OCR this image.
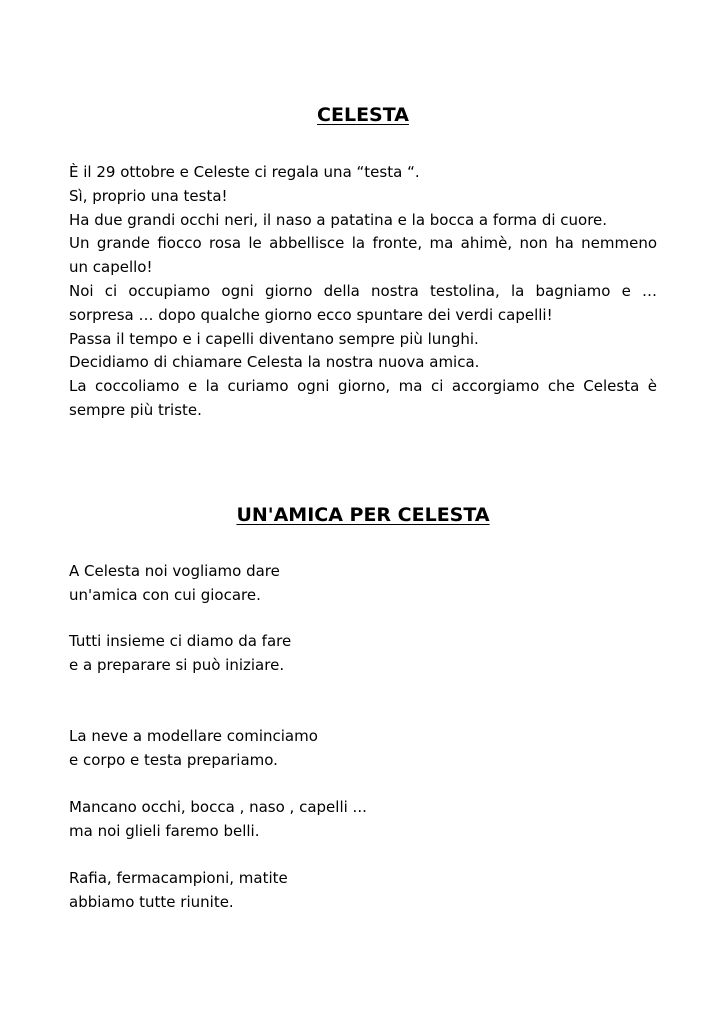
CELESTA
È il 29 ottobre e Celeste ci regala una “testa “.
Sì, proprio una testa!
Ha due grandi occhi neri, il naso a patatina e la bocca a forma di cuore.
Un grande fiocco rosa le abbellisce la fronte, ma ahimè, non ha nemmeno
un capello!
Noi ci occupiamo ogni giorno della nostra testolina, la bagniamo e …
sorpresa … dopo qualche giorno ecco spuntare dei verdi capelli!
Passa il tempo e i capelli diventano sempre più lunghi.
Decidiamo di chiamare Celesta la nostra nuova amica.
La coccoliamo e la curiamo ogni giorno, ma ci accorgiamo che Celesta è
sempre più triste.
UN'AMICA PER CELESTA
A Celesta noi vogliamo dare
un'amica con cui giocare.
Tutti insieme ci diamo da fare
e a preparare si può iniziare.
La neve a modellare cominciamo
e corpo e testa prepariamo.
Mancano occhi, bocca , naso , capelli ...
ma noi glieli faremo belli.
Rafia, fermacampioni, matite
abbiamo tutte riunite.
